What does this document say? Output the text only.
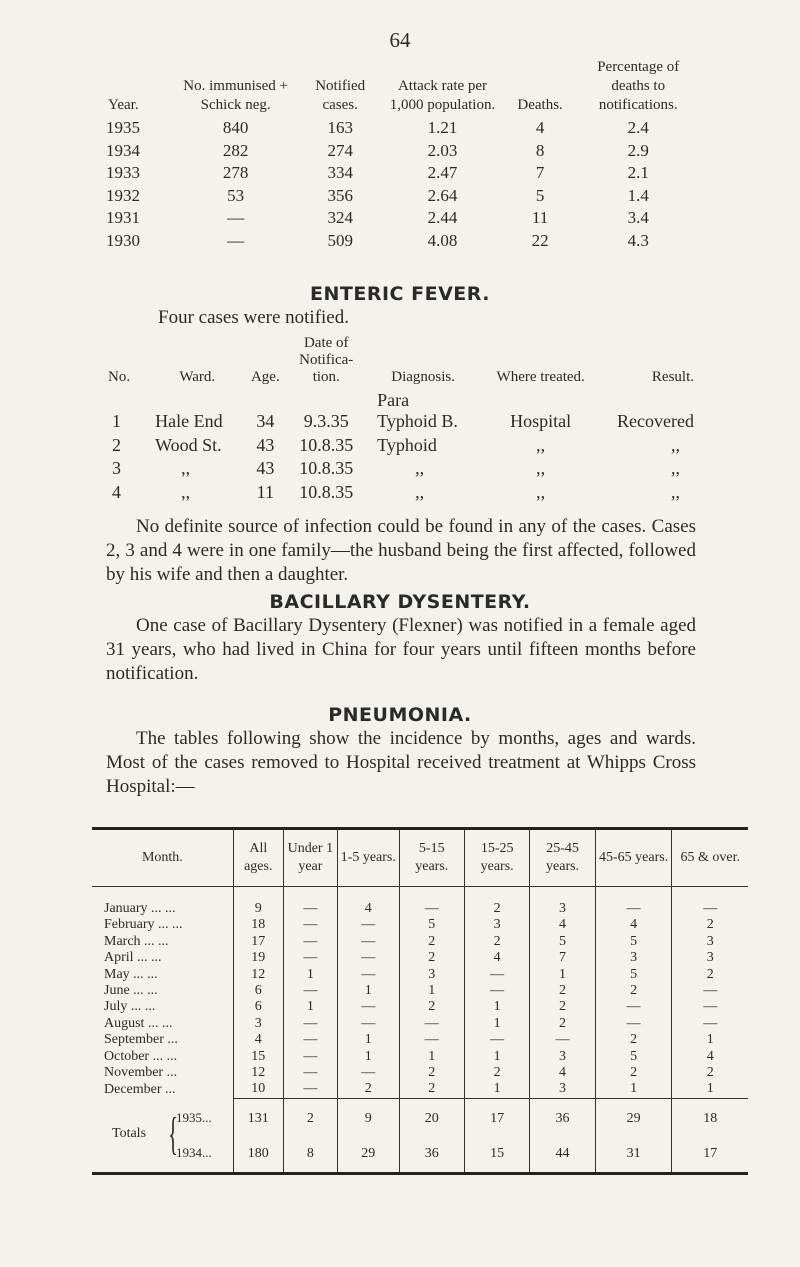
64
Year.	No. immunised + Schick neg.	Notified cases.	Attack rate per 1,000 population.	Deaths.	Percentage of deaths to notifications.
1935	840	163	1.21	4	2.4
1934	282	274	2.03	8	2.9
1933	278	334	2.47	7	2.1
1932	53	356	2.64	5	1.4
1931	—	324	2.44	11	3.4
1930	—	509	4.08	22	4.3
ENTERIC FEVER.

Four cases were notified.

No.	Ward.	Age.	Date of Notifica- tion.	Diagnosis.	Where treated.	Result.
				Para		
1	Hale End	34	9.3.35	Typhoid B.	Hospital	Recovered
2	Wood St.	43	10.8.35	Typhoid	,,	,,
3	,,	43	10.8.35	,,	,,	,,
4	,,	11	10.8.35	,,	,,	,,

No definite source of infection could be found in any of the cases. Cases 2, 3 and 4 were in one family—the husband being the first affected, followed by his wife and then a daughter.

BACILLARY DYSENTERY.

One case of Bacillary Dysentery (Flexner) was notified in a female aged 31 years, who had lived in China for four years until fifteen months before notification.

PNEUMONIA.

The tables following show the incidence by months, ages and wards. Most of the cases removed to Hospital received treatment at Whipps Cross Hospital:—

Month.	All ages.	Under 1 year	1-5 years.	5-15 years.	15-25 years.	25-45 years.	45-65 years.	65 & over.
January ... ...	9	—	4	—	2	3	—	—
February ... ...	18	—	—	5	3	4	4	2
March ... ...	17	—	—	2	2	5	5	3
April ... ...	19	—	—	2	4	7	3	3
May ... ...	12	1	—	3	—	1	5	2
June ... ...	6	—	1	1	—	2	2	—
July ... ...	6	1	—	2	1	2	—	—
August ... ...	3	—	—	—	1	2	—	—
September ...	4	—	1	—	—	—	2	1
October ... ...	15	—	1	1	1	3	5	4
November ...	12	—	—	2	2	4	2	2
December ...	10	—	2	2	1	3	1	1

Totals {
1935...	131	2	9	20	17	36	29	18
1934...	180	8	29	36	15	44	31	17
